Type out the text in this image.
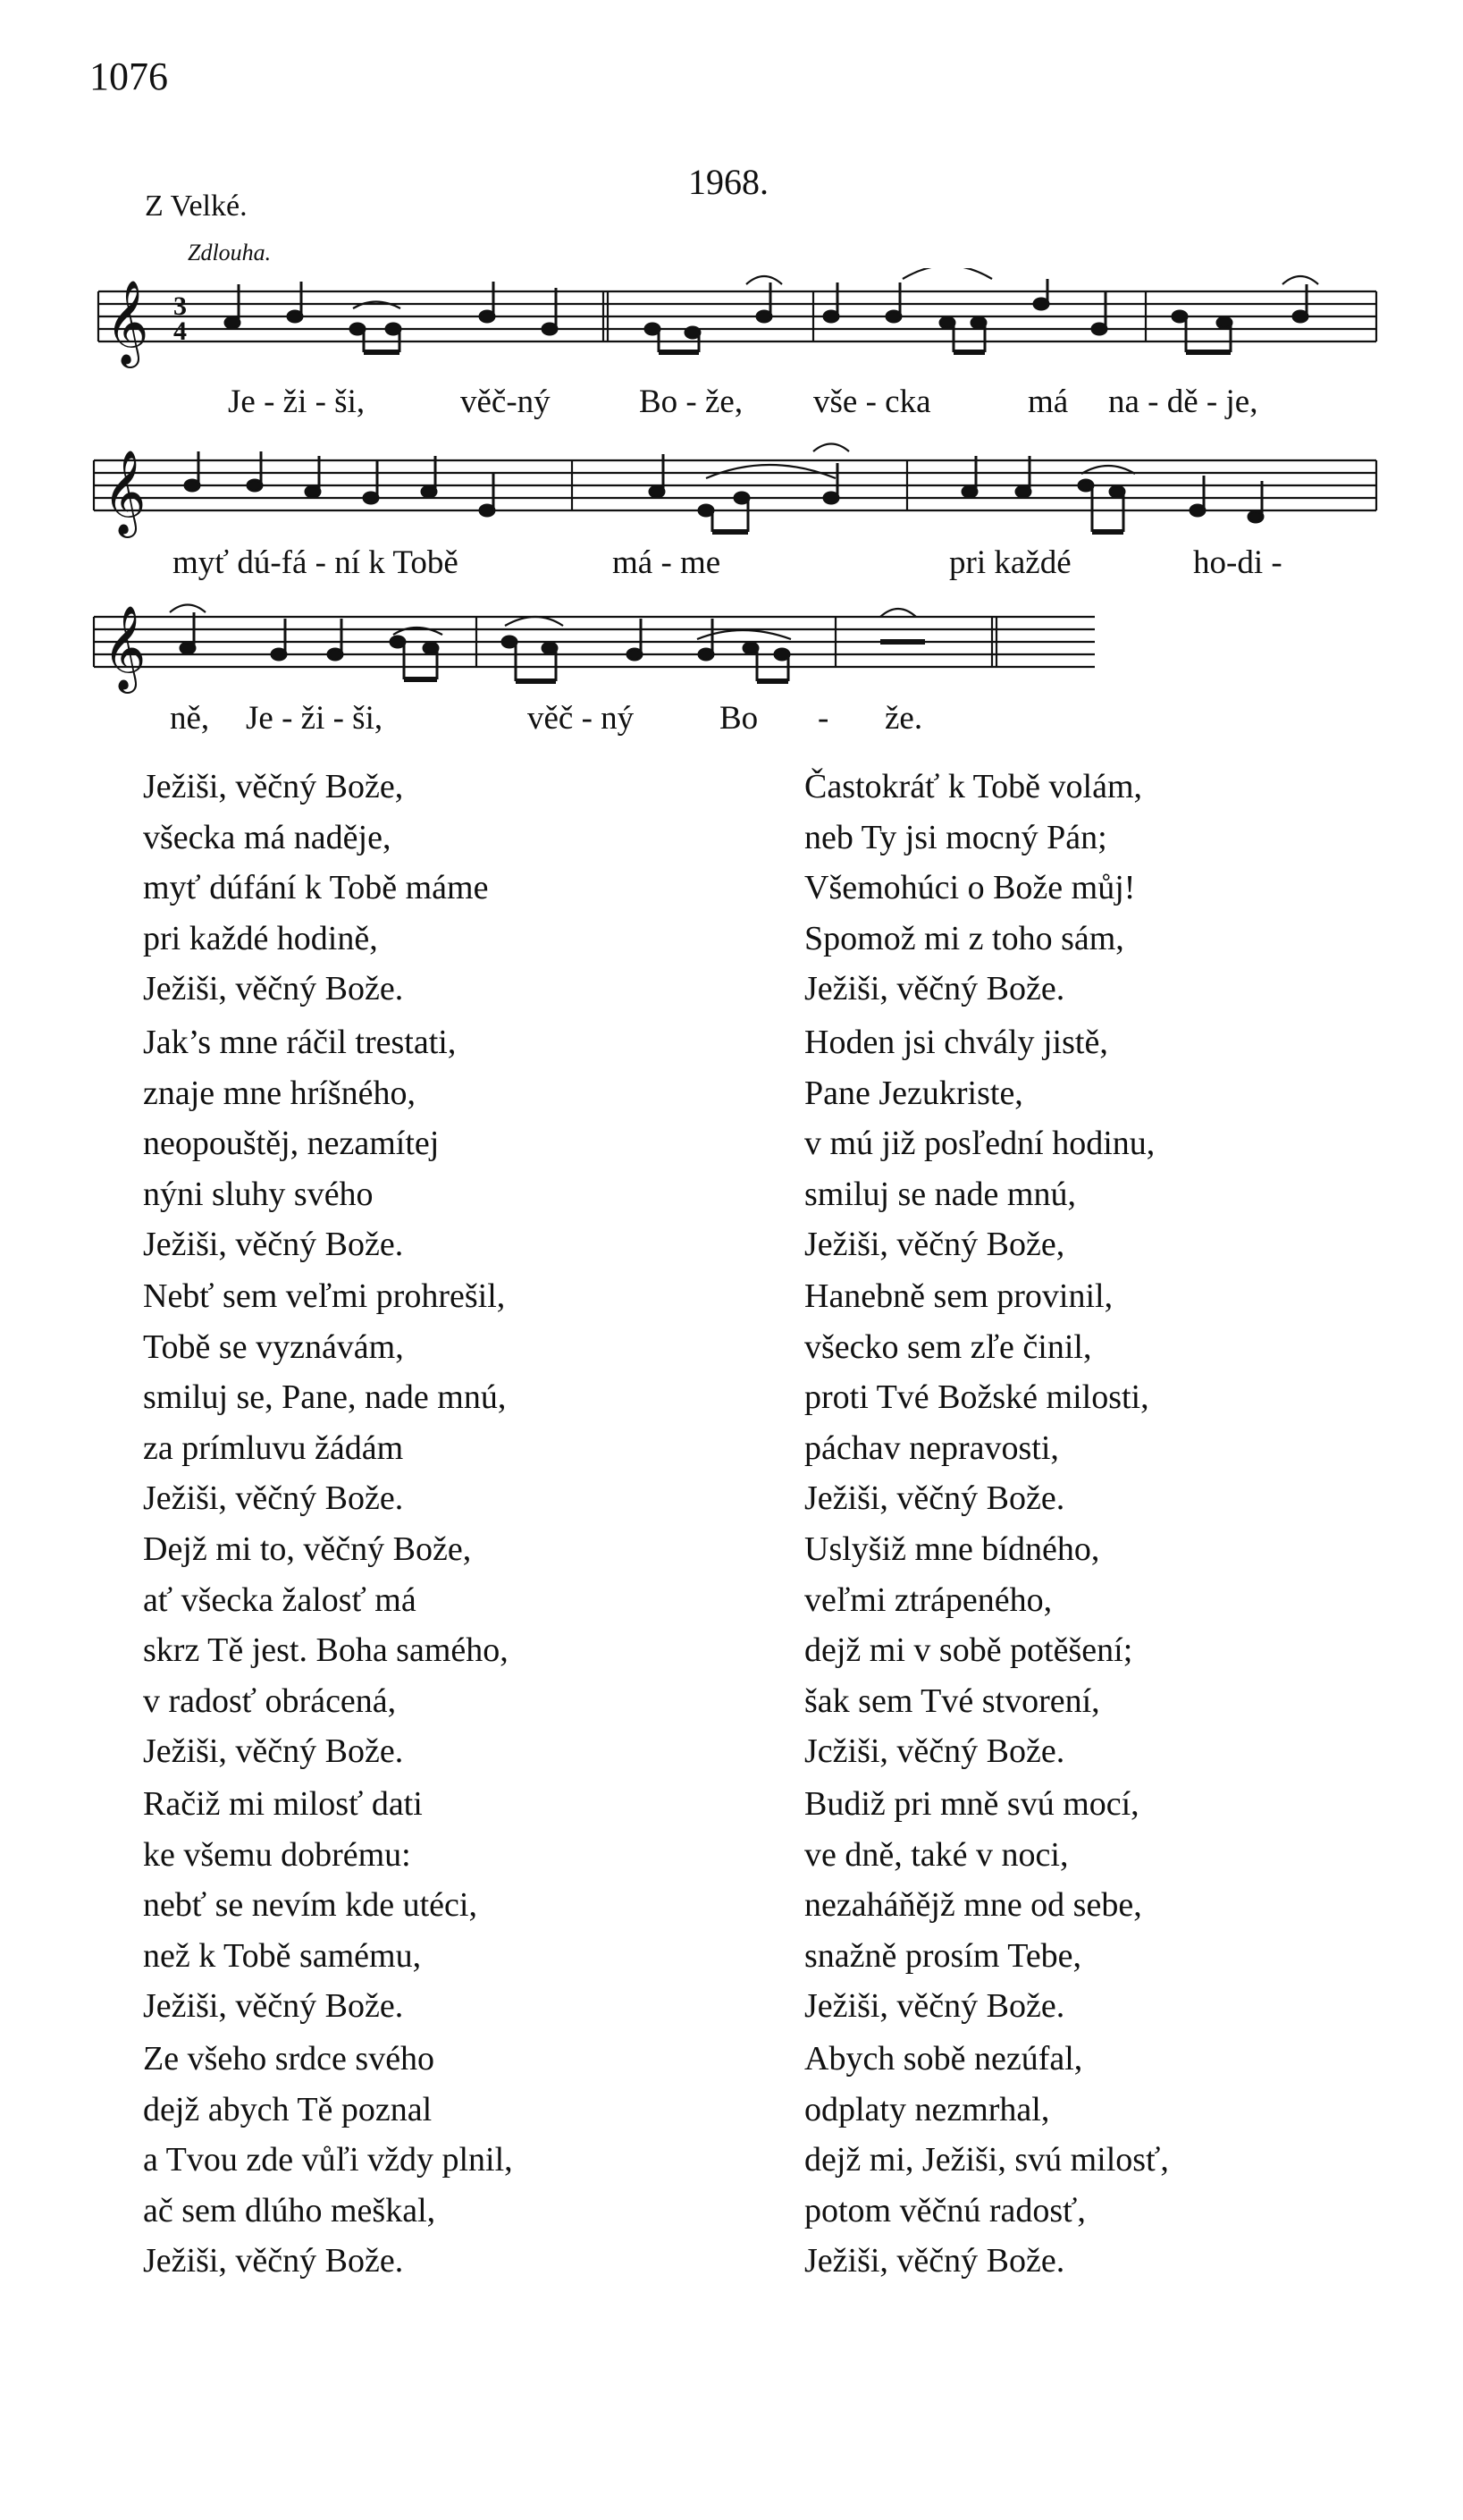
1076
1968.
Z Velké.
Zdlouha.
𝄞 3
4
Je - ži - ši,	věč-ný	Bo - že, vše - cka	má na - dě - je,
𝄞
myť dú-fá - ní k Tobě	má - me	pri každé	ho-di -
𝄞
ně, Je - ži - ši,	věč - ný	Bo - že.
Ježiši, věčný Bože,
všecka má naděje,
myť dúfání k Tobě máme
pri každé hodině,
Ježiši, věčný Bože.
Jak’s mne ráčil trestati,
znaje mne hríšného,
neopouštěj, nezamítej
nýni sluhy svého
Ježiši, věčný Bože.
Nebť sem veľmi prohrešil,
Tobě se vyznávám,
smiluj se, Pane, nade mnú,
za prímluvu žádám
Ježiši, věčný Bože.
Dejž mi to, věčný Bože,
ať všecka žalosť má
skrz Tě jest. Boha samého,
v radosť obrácená,
Ježiši, věčný Bože.
Račiž mi milosť dati
ke všemu dobrému:
nebť se nevím kde utéci,
než k Tobě samému,
Ježiši, věčný Bože.
Ze všeho srdce svého
dejž abych Tě poznal
a Tvou zde vůľi vždy plnil,
ač sem dlúho meškal,
Ježiši, věčný Bože.
Častokráť k Tobě volám,
neb Ty jsi mocný Pán;
Všemohúci o Bože můj!
Spomož mi z toho sám,
Ježiši, věčný Bože.
Hoden jsi chvály jistě,
Pane Jezukriste,
v mú již posľední hodinu,
smiluj se nade mnú,
Ježiši, věčný Bože,
Hanebně sem provinil,
všecko sem zľe činil,
proti Tvé Božské milosti,
páchav nepravosti,
Ježiši, věčný Bože.
Uslyšiž mne bídného,
veľmi ztrápeného,
dejž mi v sobě potěšení;
šak sem Tvé stvorení,
Jcžiši, věčný Bože.
Budiž pri mně svú mocí,
ve dně, také v noci,
nezaháňějž mne od sebe,
snažně prosím Tebe,
Ježiši, věčný Bože.
Abych sobě nezúfal,
odplaty nezmrhal,
dejž mi, Ježiši, svú milosť,
potom věčnú radosť,
Ježiši, věčný Bože.
